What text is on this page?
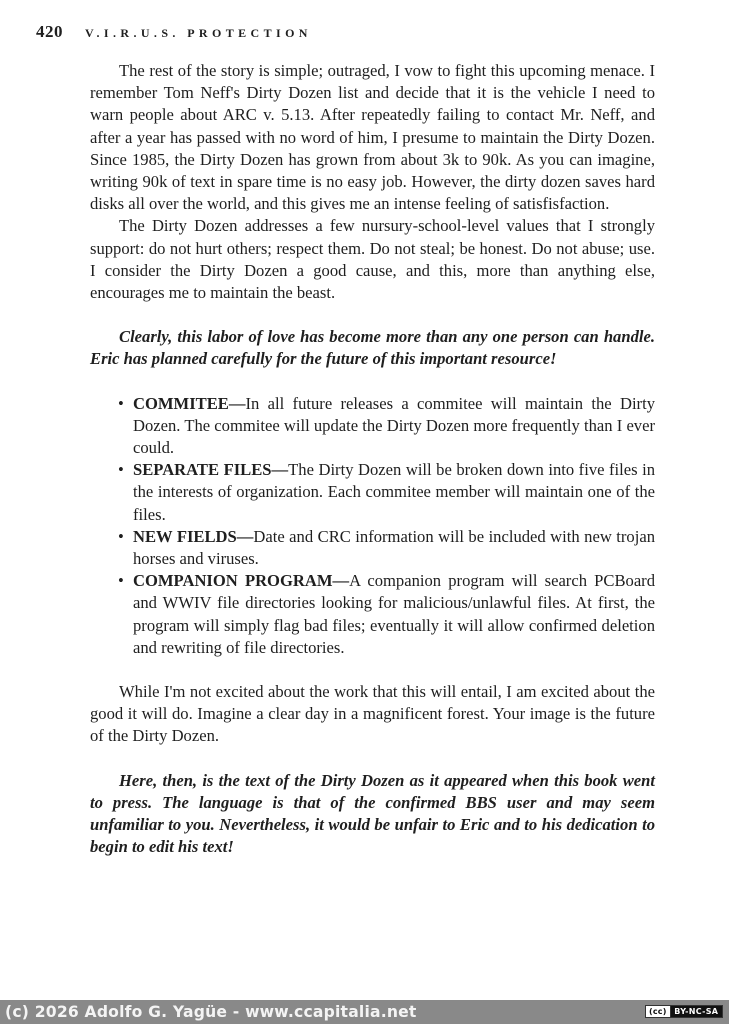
420 V.I.R.U.S. PROTECTION

The rest of the story is simple; outraged, I vow to fight this upcoming menace. I remember Tom Neff's Dirty Dozen list and decide that it is the vehicle I need to warn people about ARC v. 5.13. After repeatedly failing to contact Mr. Neff, and after a year has passed with no word of him, I presume to maintain the Dirty Dozen. Since 1985, the Dirty Dozen has grown from about 3k to 90k. As you can imagine, writing 90k of text in spare time is no easy job. However, the dirty dozen saves hard disks all over the world, and this gives me an intense feeling of satisfisfaction.

The Dirty Dozen addresses a few nursury-school-level values that I strongly support: do not hurt others; respect them. Do not steal; be honest. Do not abuse; use. I consider the Dirty Dozen a good cause, and this, more than anything else, encourages me to maintain the beast.

Clearly, this labor of love has become more than any one person can handle. Eric has planned carefully for the future of this important resource!

• COMMITEE—In all future releases a commitee will maintain the Dirty Dozen. The commitee will update the Dirty Dozen more frequently than I ever could.
• SEPARATE FILES—The Dirty Dozen will be broken down into five files in the interests of organization. Each commitee member will maintain one of the files.
• NEW FIELDS—Date and CRC information will be included with new trojan horses and viruses.
• COMPANION PROGRAM—A companion program will search PCBoard and WWIV file directories looking for malicious/unlawful files. At first, the program will simply flag bad files; eventually it will allow confirmed deletion and rewriting of file directories.

While I'm not excited about the work that this will entail, I am excited about the good it will do. Imagine a clear day in a magnificent forest. Your image is the future of the Dirty Dozen.

Here, then, is the text of the Dirty Dozen as it appeared when this book went to press. The language is that of the confirmed BBS user and may seem unfamiliar to you. Nevertheless, it would be unfair to Eric and to his dedication to begin to edit his text!

(c) 2026 Adolfo G. Yagüe - www.ccapitalia.net	(cc) BY-NC-SA
